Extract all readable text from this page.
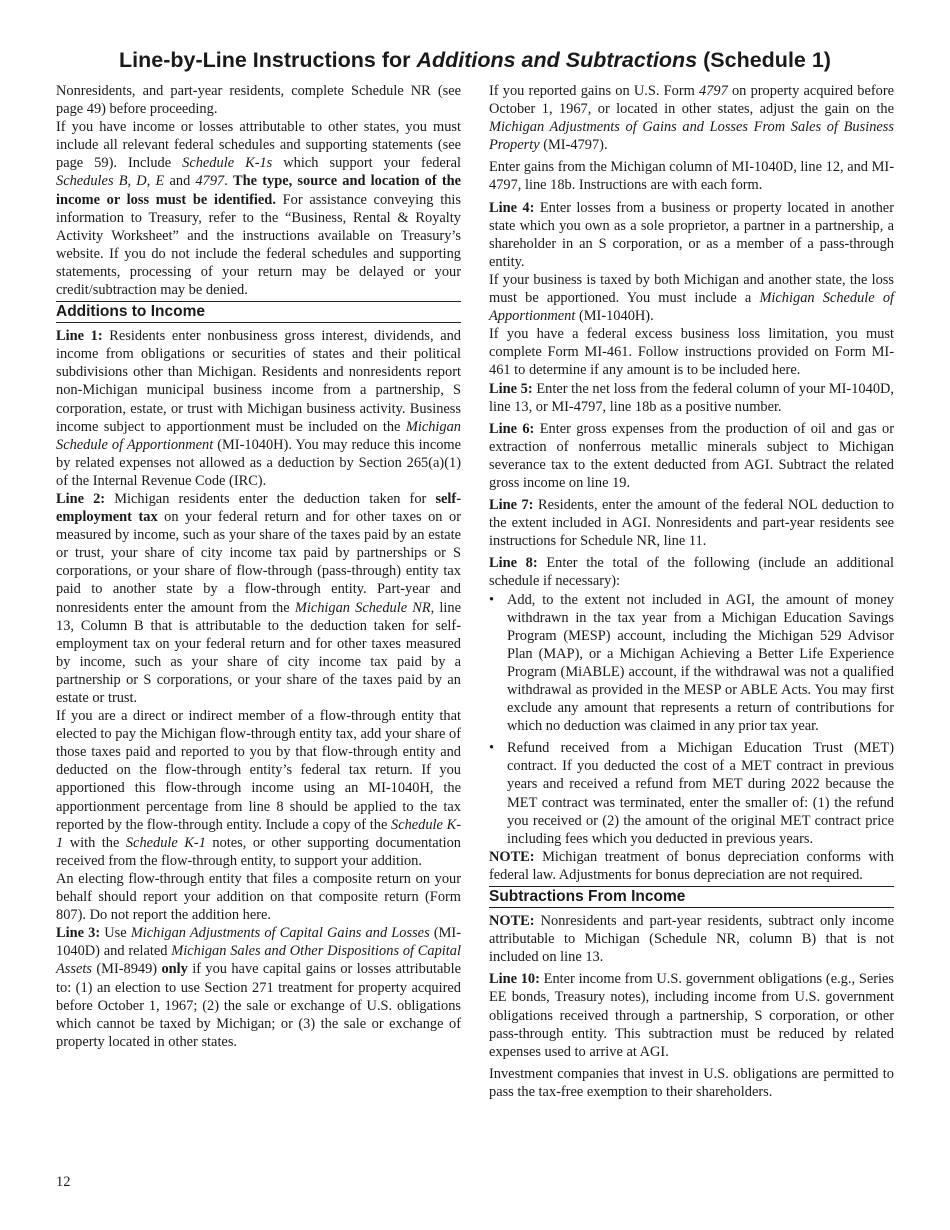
Line-by-Line Instructions for Additions and Subtractions (Schedule 1)

Nonresidents, and part-year residents, complete Schedule NR (see page 49) before proceeding.

If you have income or losses attributable to other states, you must include all relevant federal schedules and supporting statements (see page 59). Include Schedule K-1s which support your federal Schedules B, D, E and 4797. The type, source and location of the income or loss must be identified. For assistance conveying this information to Treasury, refer to the “Business, Rental & Royalty Activity Worksheet” and the instructions available on Treasury’s website. If you do not include the federal schedules and supporting statements, processing of your return may be delayed or your credit/subtraction may be denied.

Additions to Income

Line 1: Residents enter nonbusiness gross interest, dividends, and income from obligations or securities of states and their political subdivisions other than Michigan. Residents and nonresidents report non-Michigan municipal business income from a partnership, S corporation, estate, or trust with Michigan business activity. Business income subject to apportionment must be included on the Michigan Schedule of Apportionment (MI-1040H). You may reduce this income by related expenses not allowed as a deduction by Section 265(a)(1) of the Internal Revenue Code (IRC).

Line 2: Michigan residents enter the deduction taken for self-employment tax on your federal return and for other taxes on or measured by income, such as your share of the taxes paid by an estate or trust, your share of city income tax paid by partnerships or S corporations, or your share of flow-through (pass-through) entity tax paid to another state by a flow-through entity. Part-year and nonresidents enter the amount from the Michigan Schedule NR, line 13, Column B that is attributable to the deduction taken for self-employment tax on your federal return and for other taxes measured by income, such as your share of city income tax paid by a partnership or S corporations, or your share of the taxes paid by an estate or trust.

If you are a direct or indirect member of a flow-through entity that elected to pay the Michigan flow-through entity tax, add your share of those taxes paid and reported to you by that flow-through entity and deducted on the flow-through entity’s federal tax return. If you apportioned this flow-through income using an MI-1040H, the apportionment percentage from line 8 should be applied to the tax reported by the flow-through entity. Include a copy of the Schedule K-1 with the Schedule K-1 notes, or other supporting documentation received from the flow-through entity, to support your addition.

An electing flow-through entity that files a composite return on your behalf should report your addition on that composite return (Form 807). Do not report the addition here.

Line 3: Use Michigan Adjustments of Capital Gains and Losses (MI-1040D) and related Michigan Sales and Other Dispositions of Capital Assets (MI-8949) only if you have capital gains or losses attributable to: (1) an election to use Section 271 treatment for property acquired before October 1, 1967; (2) the sale or exchange of U.S. obligations which cannot be taxed by Michigan; or (3) the sale or exchange of property located in other states.

If you reported gains on U.S. Form 4797 on property acquired before October 1, 1967, or located in other states, adjust the gain on the Michigan Adjustments of Gains and Losses From Sales of Business Property (MI-4797).

Enter gains from the Michigan column of MI-1040D, line 12, and MI-4797, line 18b. Instructions are with each form.

Line 4: Enter losses from a business or property located in another state which you own as a sole proprietor, a partner in a partnership, a shareholder in an S corporation, or as a member of a pass-through entity.

If your business is taxed by both Michigan and another state, the loss must be apportioned. You must include a Michigan Schedule of Apportionment (MI-1040H).

If you have a federal excess business loss limitation, you must complete Form MI-461. Follow instructions provided on Form MI-461 to determine if any amount is to be included here.

Line 5: Enter the net loss from the federal column of your MI-1040D, line 13, or MI-4797, line 18b as a positive number.

Line 6: Enter gross expenses from the production of oil and gas or extraction of nonferrous metallic minerals subject to Michigan severance tax to the extent deducted from AGI. Subtract the related gross income on line 19.

Line 7: Residents, enter the amount of the federal NOL deduction to the extent included in AGI. Nonresidents and part-year residents see instructions for Schedule NR, line 11.

Line 8: Enter the total of the following (include an additional schedule if necessary):

• Add, to the extent not included in AGI, the amount of money withdrawn in the tax year from a Michigan Education Savings Program (MESP) account, including the Michigan 529 Advisor Plan (MAP), or a Michigan Achieving a Better Life Experience Program (MiABLE) account, if the withdrawal was not a qualified withdrawal as provided in the MESP or ABLE Acts. You may first exclude any amount that represents a return of contributions for which no deduction was claimed in any prior tax year.
• Refund received from a Michigan Education Trust (MET) contract. If you deducted the cost of a MET contract in previous years and received a refund from MET during 2022 because the MET contract was terminated, enter the smaller of: (1) the refund you received or (2) the amount of the original MET contract price including fees which you deducted in previous years.

NOTE: Michigan treatment of bonus depreciation conforms with federal law. Adjustments for bonus depreciation are not required.

Subtractions From Income

NOTE: Nonresidents and part-year residents, subtract only income attributable to Michigan (Schedule NR, column B) that is not included on line 13.

Line 10: Enter income from U.S. government obligations (e.g., Series EE bonds, Treasury notes), including income from U.S. government obligations received through a partnership, S corporation, or other pass-through entity. This subtraction must be reduced by related expenses used to arrive at AGI.

Investment companies that invest in U.S. obligations are permitted to pass the tax-free exemption to their shareholders.

12
